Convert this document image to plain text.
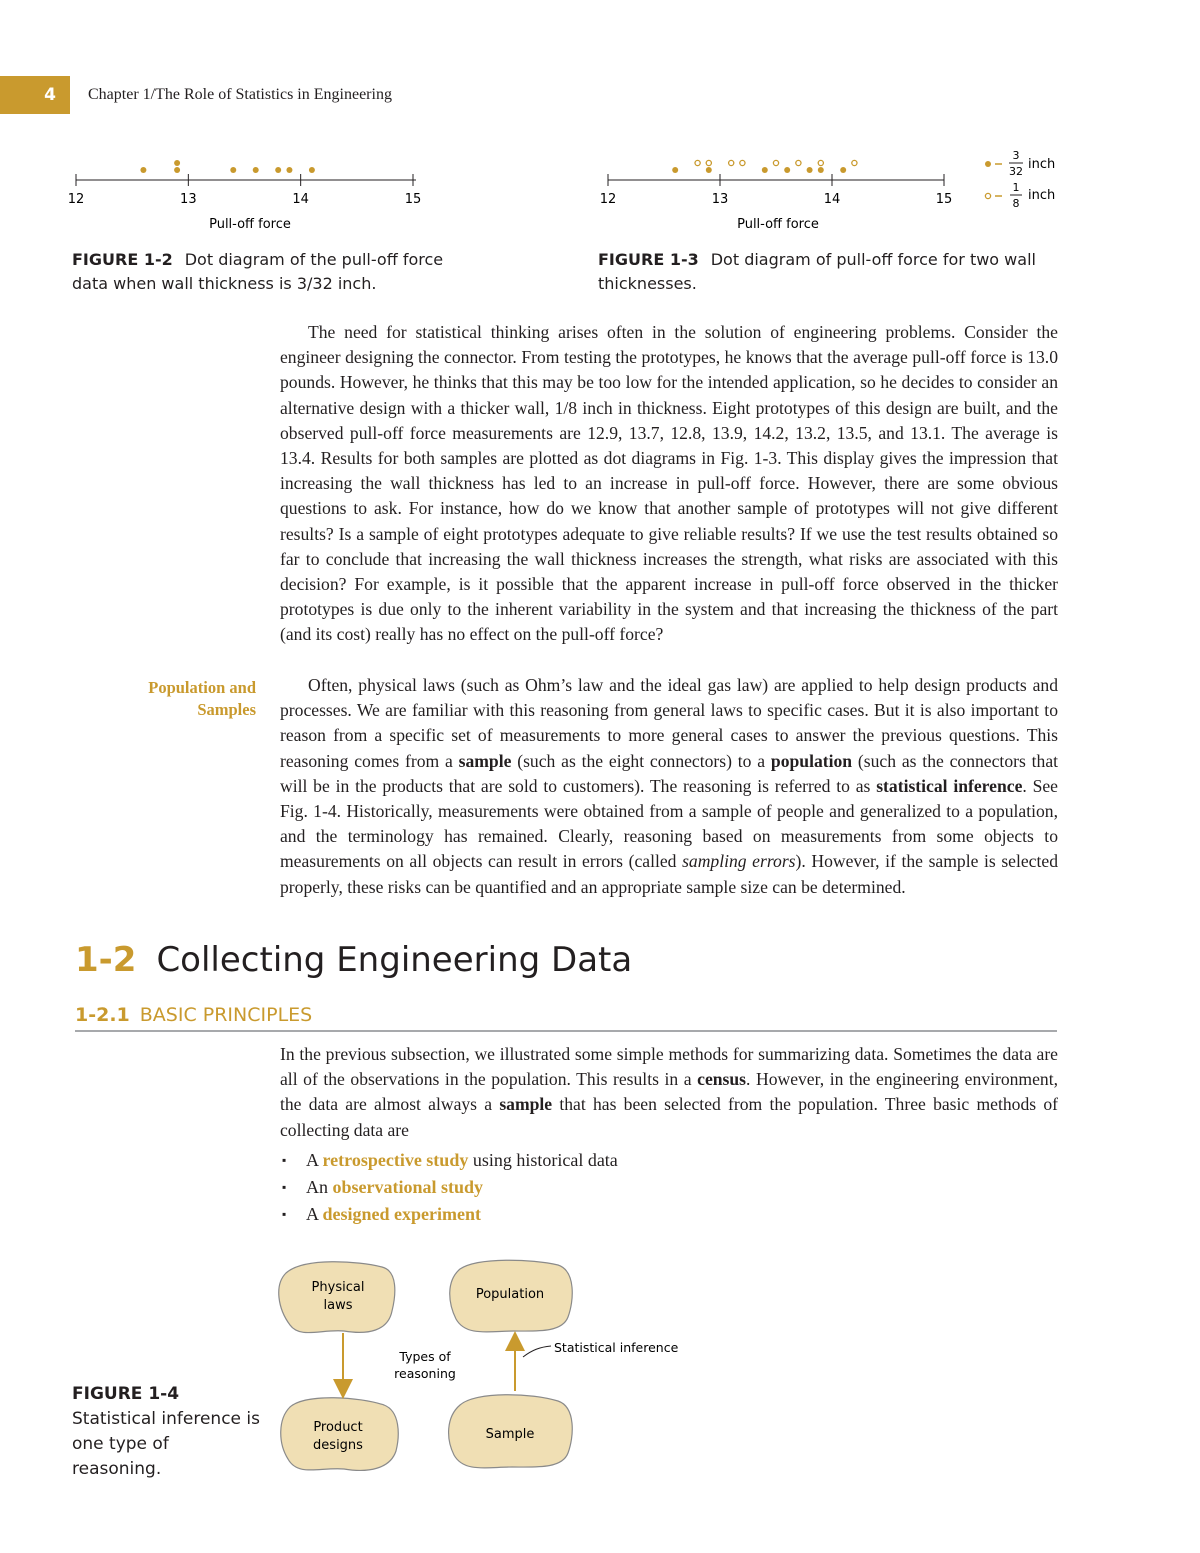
4	Chapter 1/The Role of Statistics in Engineering
12	13	14	15
Pull-off force
FIGURE 1-2 Dot diagram of the pull-off force data when wall thickness is 3/32 inch.
12	13	14	15
Pull-off force
3
32 inch
1
8
inch
FIGURE 1-3 Dot diagram of pull-off force for two wall thicknesses.

The need for statistical thinking arises often in the solution of engineering problems. Consider the engineer designing the connector. From testing the prototypes, he knows that the average pull-off force is 13.0 pounds. However, he thinks that this may be too low for the intended application, so he decides to consider an alternative design with a thicker wall, 1/8 inch in thickness. Eight prototypes of this design are built, and the observed pull-off force measurements are 12.9, 13.7, 12.8, 13.9, 14.2, 13.2, 13.5, and 13.1. The average is 13.4. Results for both samples are plotted as dot diagrams in Fig. 1-3. This display gives the impression that increasing the wall thickness has led to an increase in pull-off force. However, there are some obvious questions to ask. For instance, how do we know that another sample of prototypes will not give different results? Is a sample of eight prototypes adequate to give reliable results? If we use the test results obtained so far to conclude that increasing the wall thickness increases the strength, what risks are associated with this decision? For example, is it possible that the apparent increase in pull-off force observed in the thicker prototypes is due only to the inherent variability in the system and that increasing the thickness of the part (and its cost) really has no effect on the pull-off force?

Population and
Samples

Often, physical laws (such as Ohm’s law and the ideal gas law) are applied to help design products and processes. We are familiar with this reasoning from general laws to specific cases. But it is also important to reason from a specific set of measurements to more general cases to answer the previous questions. This reasoning comes from a sample (such as the eight connectors) to a population (such as the connectors that will be in the products that are sold to customers). The reasoning is referred to as statistical inference. See Fig. 1-4. Historically, measurements were obtained from a sample of people and generalized to a population, and the terminology has remained. Clearly, reasoning based on measurements from some objects to measurements on all objects can result in errors (called sampling errors). However, if the sample is selected properly, these risks can be quantified and an appropriate sample size can be determined.

1-2 Collecting Engineering Data
1-2.1 BASIC PRINCIPLES

In the previous subsection, we illustrated some simple methods for summarizing data. Sometimes the data are all of the observations in the population. This results in a census. However, in the engineering environment, the data are almost always a sample that has been selected from the population. Three basic methods of collecting data are

▪ A retrospective study using historical data
▪ An observational study
▪ A designed experiment
Physical
laws
Population
Product
designs
Sample
Types of
reasoning
Statistical inference
FIGURE 1-4
Statistical inference is one type of reasoning.
